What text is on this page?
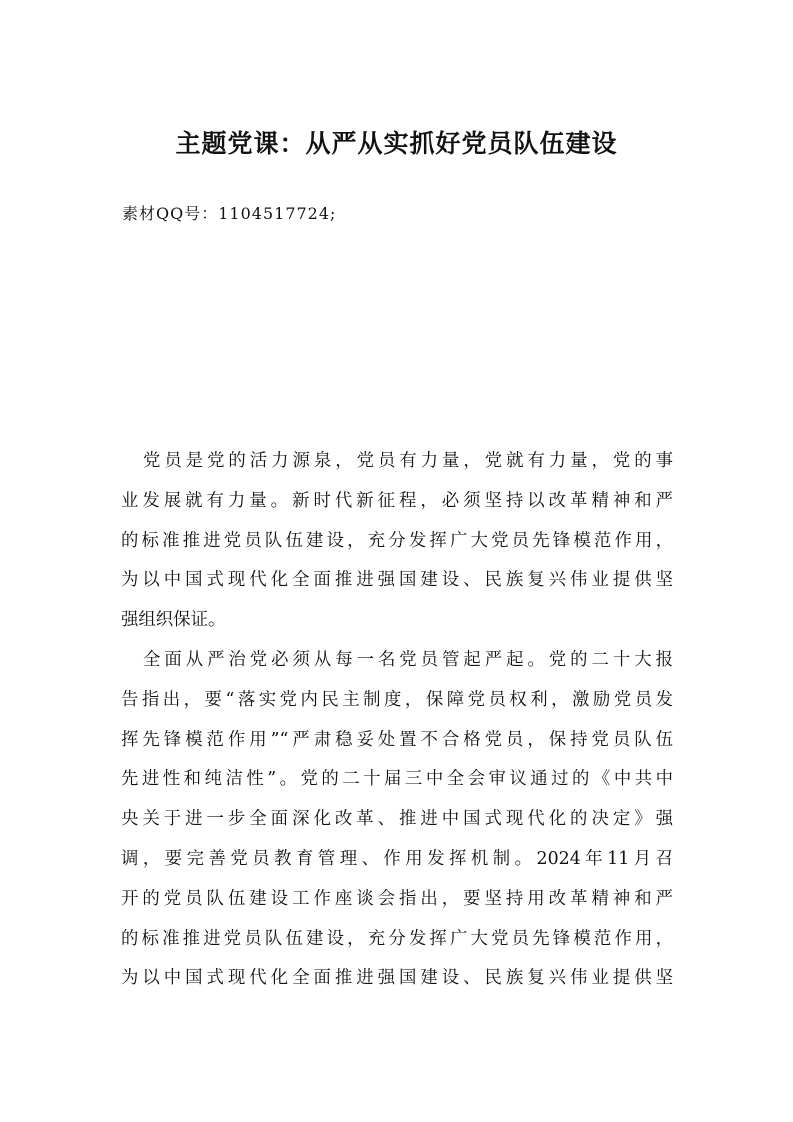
主题党课：从严从实抓好党员队伍建设

素材QQ号：1104517724;

党员是党的活力源泉，党员有力量，党就有力量，党的事
业发展就有力量。新时代新征程，必须坚持以改革精神和严
的标准推进党员队伍建设，充分发挥广大党员先锋模范作用，
为以中国式现代化全面推进强国建设、民族复兴伟业提供坚
强组织保证。
全面从严治党必须从每一名党员管起严起。党的二十大报
告指出，要“落实党内民主制度，保障党员权利，激励党员发
挥先锋模范作用”“严肃稳妥处置不合格党员，保持党员队伍
先进性和纯洁性”。党的二十届三中全会审议通过的《中共中
央关于进一步全面深化改革、推进中国式现代化的决定》强
调，要完善党员教育管理、作用发挥机制。2024年11月召
开的党员队伍建设工作座谈会指出，要坚持用改革精神和严
的标准推进党员队伍建设，充分发挥广大党员先锋模范作用，
为以中国式现代化全面推进强国建设、民族复兴伟业提供坚
